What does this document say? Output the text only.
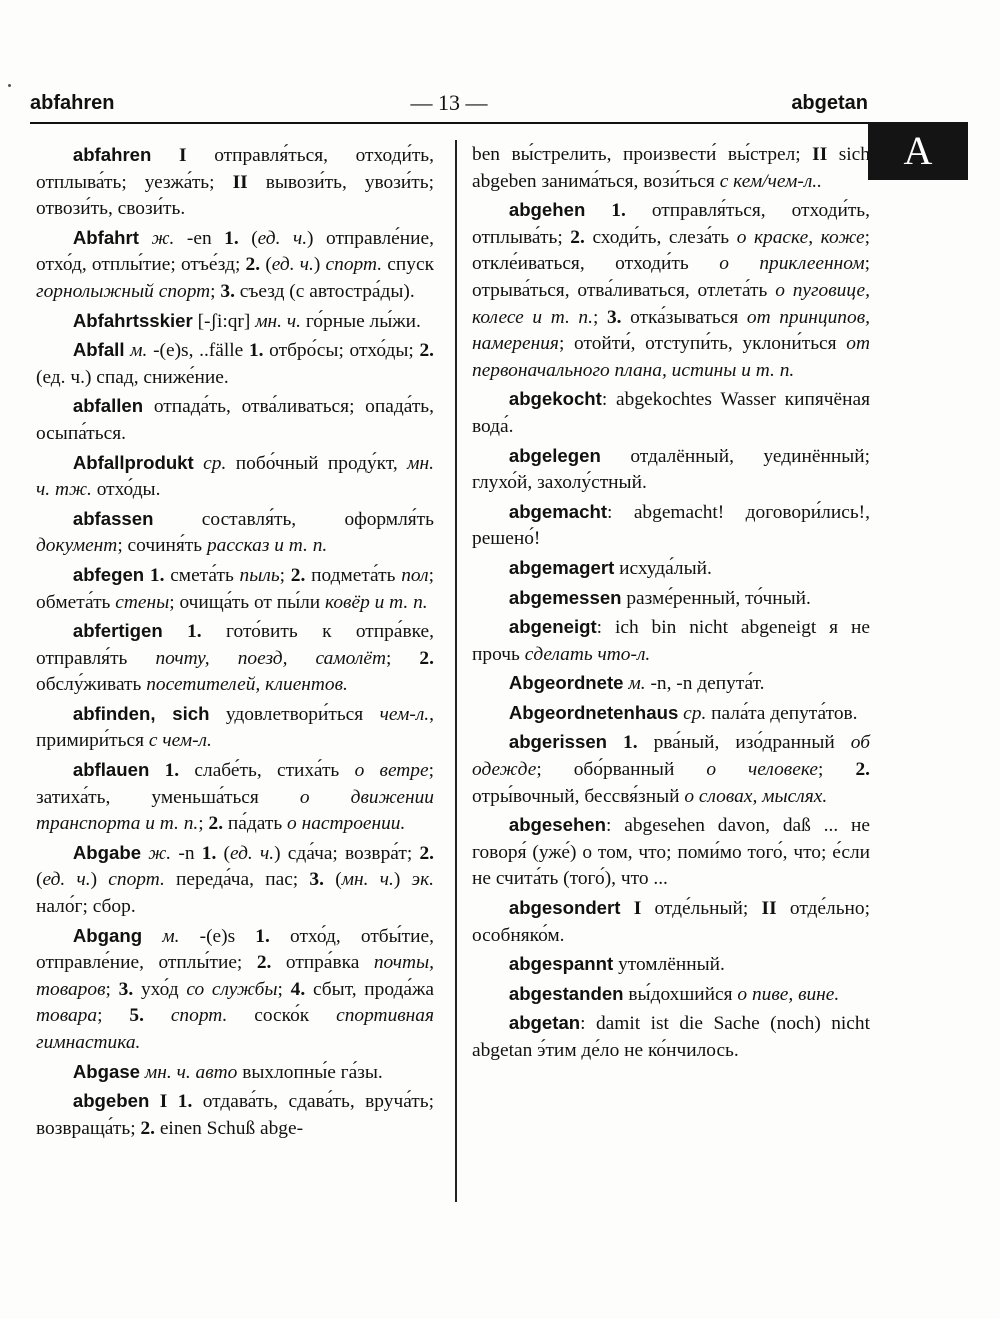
abfahren	— 13 —	abgetan
A

abfahren I отправля́ться, отходи́ть, отплыва́ть; уезжа́ть; II вывози́ть, увози́ть; отвози́ть, свози́ть.

Abfahrt ж. -en 1. (ед. ч.) отправле́ние, отхо́д, отплы́тие; отъе́зд; 2. (ед. ч.) спорт. спуск горнолыжный спорт; 3. съезд (с автостра́ды).

Abfahrtsskier [-ʃi:qr] мн. ч. го́рные лы́жи.

Abfall м. -(e)s, ..fälle 1. отбро́сы; отхо́ды; 2. (ед. ч.) спад, сниже́ние.

abfallen отпада́ть, отва́ливаться; опада́ть, осыпа́ться.

Abfallprodukt ср. побо́чный проду́кт, мн. ч. тж. отхо́ды.

abfassen составля́ть, оформля́ть документ; сочиня́ть рассказ и т. п.

abfegen 1. смета́ть пыль; 2. подмета́ть пол; обмета́ть стены; очища́ть от пы́ли ковёр и т. п.

abfertigen 1. гото́вить к отпра́вке, отправля́ть почту, поезд, самолёт; 2. обслу́живать посетителей, клиентов.

abfinden, sich удовлетвори́ться чем-л., примири́ться с чем-л.

abflauen 1. слабе́ть, стиха́ть о ветре; затиха́ть, уменьша́ться о движении транспорта и т. п.; 2. па́дать о настроении.

Abgabe ж. -n 1. (ед. ч.) сда́ча; возвра́т; 2. (ед. ч.) спорт. переда́ча, пас; 3. (мн. ч.) эк. нало́г; сбор.

Abgang м. -(e)s 1. отхо́д, отбы́тие, отправле́ние, отплы́тие; 2. отпра́вка почты, товаров; 3. ухо́д со службы; 4. сбыт, прода́жа товара; 5. спорт. соско́к спортивная гимнастика.

Abgase мн. ч. авто выхлопны́е га́зы.

abgeben I 1. отдава́ть, сдава́ть, вруча́ть; возвраща́ть; 2. einen Schuß abge-

ben вы́стрелить, произвести́ вы́стрел; II sich abgeben занима́ться, вози́ться с кем/чем-л..

abgehen 1. отправля́ться, отходи́ть, отплыва́ть; 2. сходи́ть, слеза́ть о краске, коже; откле́иваться, отходи́ть о приклеенном; отрыва́ться, отва́ливаться, отлета́ть о пуговице, колесе и т. п.; 3. отка́зываться от принципов, намерения; отойти́, отступи́ть, уклони́ться от первоначального плана, истины и т. п.

abgekocht: abgekochtes Wasser кипячёная вода́.

abgelegen отдалённый, уединённый; глухо́й, захолу́стный.

abgemacht: abgemacht! договори́лись!, решено́!

abgemagert исхуда́лый.

abgemessen разме́ренный, то́чный.

abgeneigt: ich bin nicht abgeneigt я не прочь сделать что-л.

Abgeordnete м. -n, -n депута́т.

Abgeordnetenhaus ср. пала́та депута́тов.

abgerissen 1. рва́ный, изо́дранный об одежде; обо́рванный о человеке; 2. отры́вочный, бессвя́зный о словах, мыслях.

abgesehen: abgesehen davon, daß ... не говоря́ (уже́) о том, что; поми́мо того́, что; е́сли не счита́ть (того́), что ...

abgesondert I отде́льный; II отде́льно; особняко́м.

abgespannt утомлённый.

abgestanden вы́дохшийся о пиве, вине.

abgetan: damit ist die Sache (noch) nicht abgetan э́тим де́ло не ко́нчилось.
